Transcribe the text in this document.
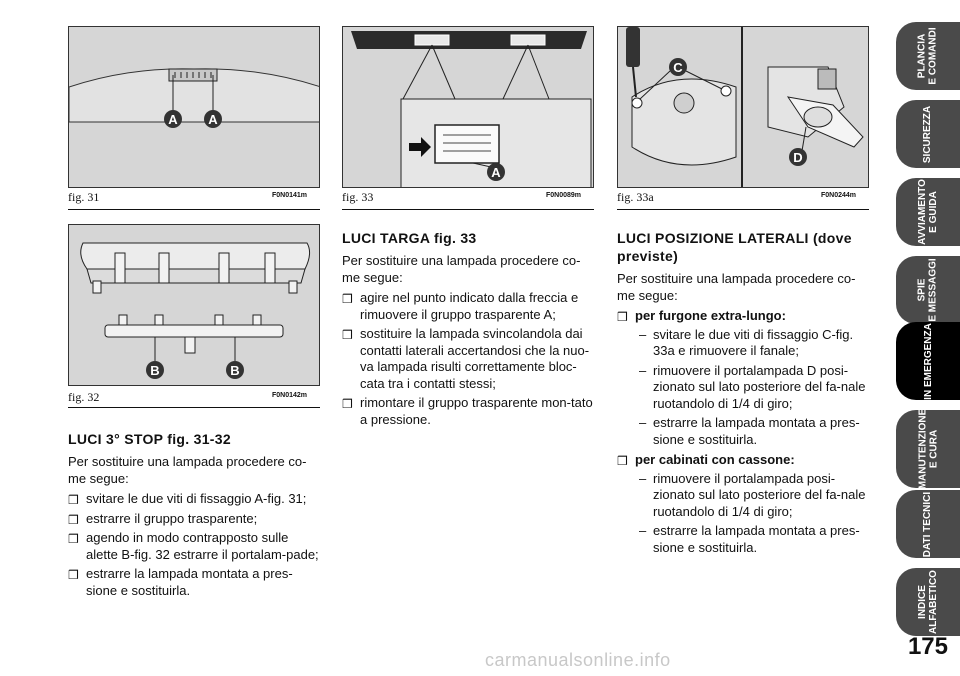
A A
fig. 31	F0N0141m
B	B
fig. 32	F0N0142m
A
fig. 33	F0N0089m
C
D
fig. 33a	F0N0244m
LUCI 3° STOP fig. 31-32

Per sostituire una lampada procedere co-me segue:

❒ svitare le due viti di fissaggio A-fig. 31;
❒ estrarre il gruppo trasparente;
❒ agendo in modo contrapposto sulle alette B-fig. 32 estrarre il portalam-pade;
❒ estrarre la lampada montata a pres-sione e sostituirla.
LUCI TARGA fig. 33

Per sostituire una lampada procedere co-me segue:

❒ agire nel punto indicato dalla freccia e rimuovere il gruppo trasparente A;
❒ sostituire la lampada svincolandola dai contatti laterali accertandosi che la nuo-va lampada risulti correttamente bloc-cata tra i contatti stessi;
❒ rimontare il gruppo trasparente mon-tato a pressione.
LUCI POSIZIONE LATERALI (dove previste)

Per sostituire una lampada procedere co-me segue:

❒ per furgone extra-lungo:
– svitare le due viti di fissaggio C-fig. 33a e rimuovere il fanale;
– rimuovere il portalampada D posi-zionato sul lato posteriore del fa-nale ruotandolo di 1/4 di giro;
– estrarre la lampada montata a pres-sione e sostituirla.
❒ per cabinati con cassone:
– rimuovere il portalampada posi-zionato sul lato posteriore del fa-nale ruotandolo di 1/4 di giro;
– estrarre la lampada montata a pres-sione e sostituirla.
PLANCIA
E COMANDI
SICUREZZA
AVVIAMENTO
E GUIDA
SPIE
E MESSAGGI
IN EMERGENZA
MANUTENZIONE
E CURA
DATI TECNICI
INDICE
ALFABETICO
175
carmanualsonline.info
